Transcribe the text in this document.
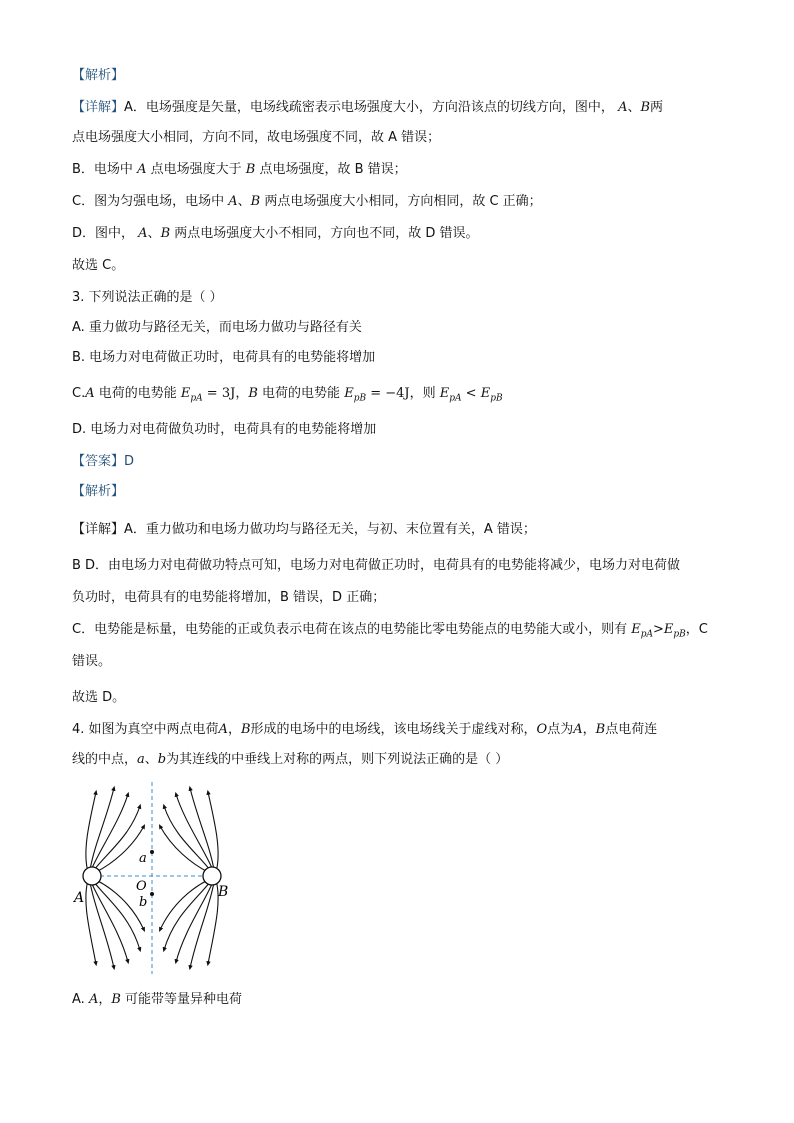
【解析】
【详解】A．电场强度是矢量，电场线疏密表示电场强度大小，方向沿该点的切线方向，图中， A、B两
点电场强度大小相同，方向不同，故电场强度不同，故 A 错误；
B．电场中 A 点电场强度大于 B 点电场强度，故 B 错误；
C．图为匀强电场，电场中 A、B 两点电场强度大小相同，方向相同，故 C 正确；
D．图中， A、B 两点电场强度大小不相同，方向也不同，故 D 错误。
故选 C。
3. 下列说法正确的是（ ）
A. 重力做功与路径无关，而电场力做功与路径有关
B. 电场力对电荷做正功时，电荷具有的电势能将增加
C.A 电荷的电势能 $E_{pA} = 3J$，B 电荷的电势能 $E_{pB} = -4J$，则 $E_{pA} < E_{pB}$
D. 电场力对电荷做负功时，电荷具有的电势能将增加
【答案】D
【解析】
【详解】A．重力做功和电场力做功均与路径无关，与初、末位置有关，A 错误；
B D．由电场力对电荷做功特点可知，电场力对电荷做正功时，电荷具有的电势能将减少，电场力对电荷做
负功时，电荷具有的电势能将增加，B 错误，D 正确；
C．电势能是标量，电势能的正或负表示电荷在该点的电势能比零电势能点的电势能大或小，则有 $E_{pA}>E_{pB}$，C
错误。
故选 D。
4. 如图为真空中两点电荷A，B形成的电场中的电场线，该电场线关于虚线对称，O点为A，B点电荷连
线的中点，a、b为其连线的中垂线上对称的两点，则下列说法正确的是（ ）
A	B
O
a
b
A. A，B 可能带等量异种电荷
